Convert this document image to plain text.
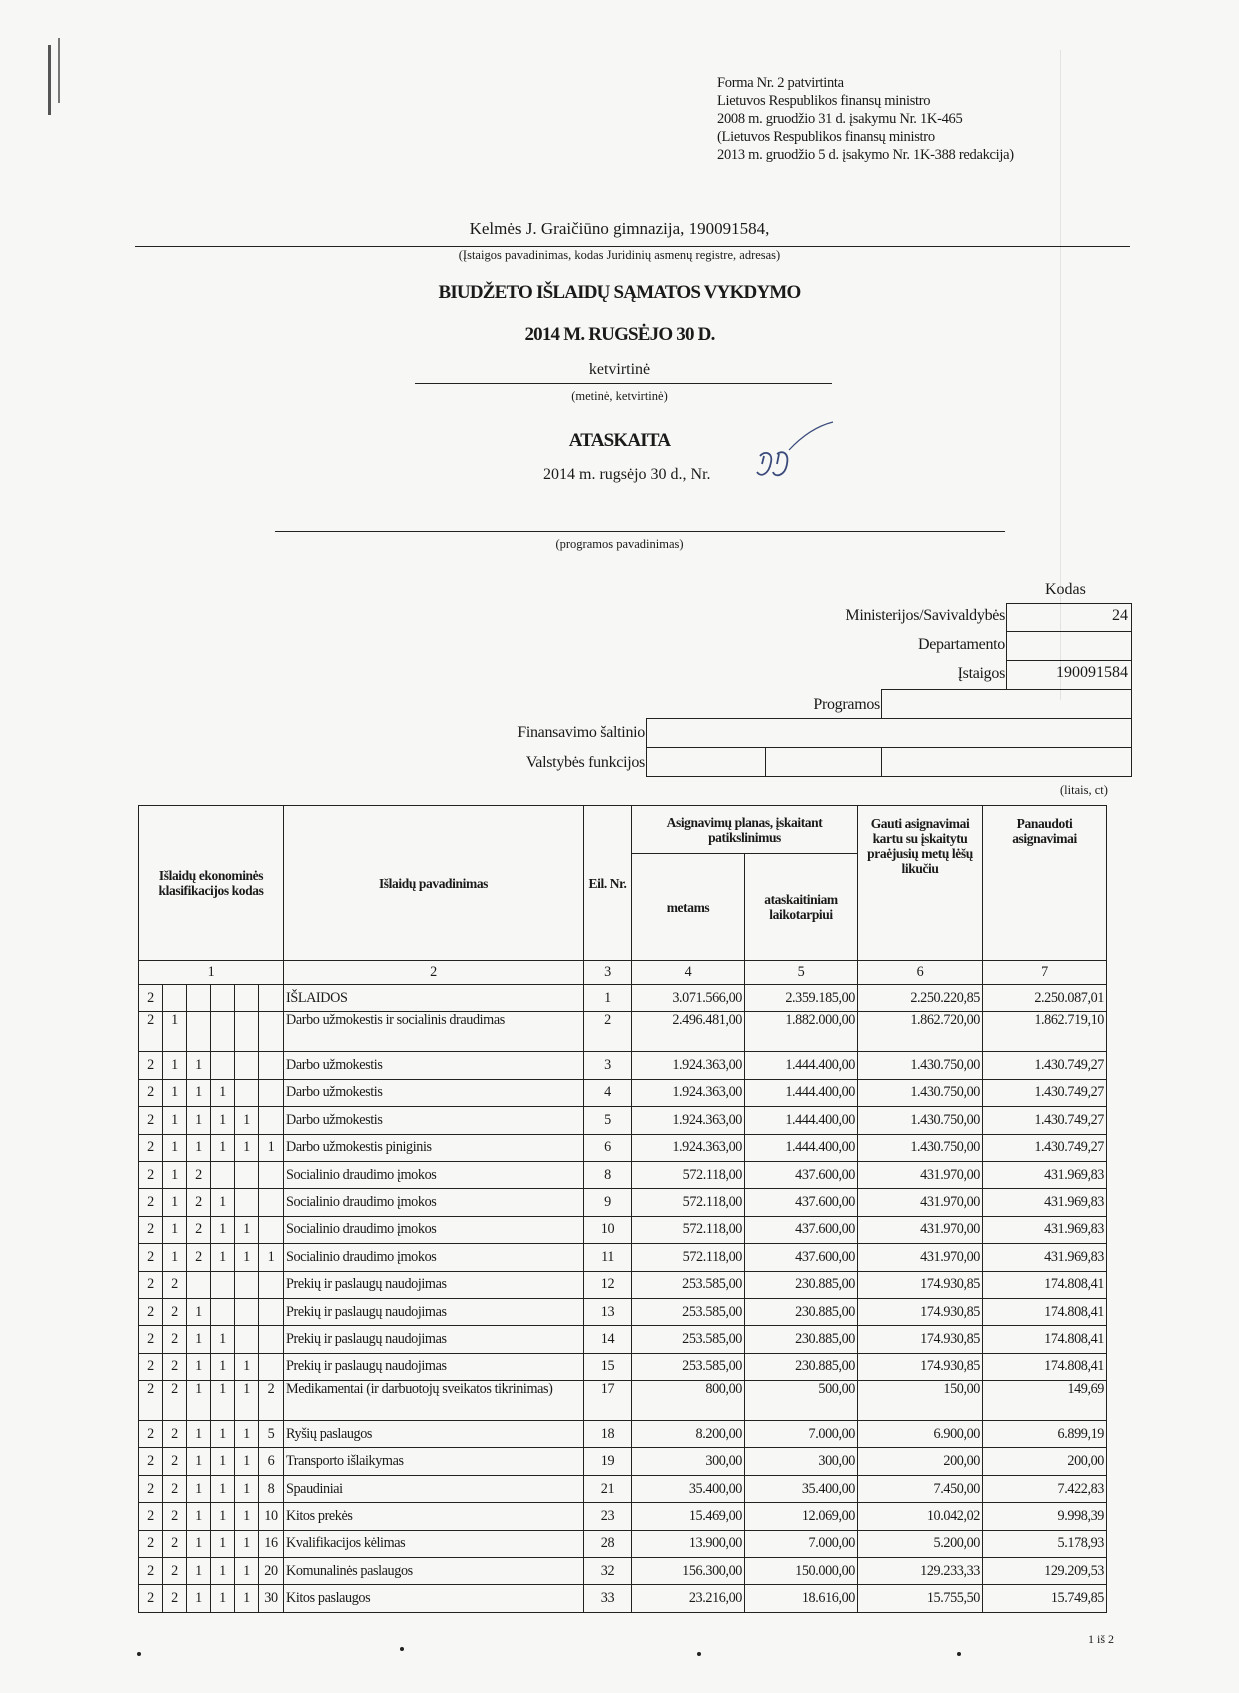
Forma Nr. 2 patvirtinta
Lietuvos Respublikos finansų ministro
2008 m. gruodžio 31 d. įsakymu Nr. 1K-465
(Lietuvos Respublikos finansų ministro
2013 m. gruodžio 5 d. įsakymo Nr. 1K-388 redakcija)
Kelmės J. Graičiūno gimnazija, 190091584,
(Įstaigos pavadinimas, kodas Juridinių asmenų registre, adresas)
BIUDŽETO IŠLAIDŲ SĄMATOS VYKDYMO
2014 M. RUGSĖJO 30 D.
ketvirtinė
(metinė, ketvirtinė)
ATASKAITA
2014 m. rugsėjo 30 d., Nr.
55
(programos pavadinimas)
Kodas
Ministerijos/Savivaldybės	24
Departamento
Įstaigos	190091584
Programos
Finansavimo šaltinio
Valstybės funkcijos
(litais, ct)
Išlaidų ekonominės klasifikacijos kodas						Išlaidų pavadinimas	Eil. Nr.	Asignavimų planas, įskaitant patikslinimus		Gauti asignavimai kartu su įskaitytu praėjusių metų lėšų likučiu	Panaudoti asignavimai
								metams	ataskaitiniam laikotarpiui		
1						2	3	4	5	6	7
2						IŠLAIDOS	1	3.071.566,00	2.359.185,00	2.250.220,85	2.250.087,01
2	1					Darbo užmokestis ir socialinis draudimas	2	2.496.481,00	1.882.000,00	1.862.720,00	1.862.719,10
2	1	1				Darbo užmokestis	3	1.924.363,00	1.444.400,00	1.430.750,00	1.430.749,27
2	1	1	1			Darbo užmokestis	4	1.924.363,00	1.444.400,00	1.430.750,00	1.430.749,27
2	1	1	1	1		Darbo užmokestis	5	1.924.363,00	1.444.400,00	1.430.750,00	1.430.749,27
2	1	1	1	1	1	Darbo užmokestis piniginis	6	1.924.363,00	1.444.400,00	1.430.750,00	1.430.749,27
2	1	2				Socialinio draudimo įmokos	8	572.118,00	437.600,00	431.970,00	431.969,83
2	1	2	1			Socialinio draudimo įmokos	9	572.118,00	437.600,00	431.970,00	431.969,83
2	1	2	1	1		Socialinio draudimo įmokos	10	572.118,00	437.600,00	431.970,00	431.969,83
2	1	2	1	1	1	Socialinio draudimo įmokos	11	572.118,00	437.600,00	431.970,00	431.969,83
2	2					Prekių ir paslaugų naudojimas	12	253.585,00	230.885,00	174.930,85	174.808,41
2	2	1				Prekių ir paslaugų naudojimas	13	253.585,00	230.885,00	174.930,85	174.808,41
2	2	1	1			Prekių ir paslaugų naudojimas	14	253.585,00	230.885,00	174.930,85	174.808,41
2	2	1	1	1		Prekių ir paslaugų naudojimas	15	253.585,00	230.885,00	174.930,85	174.808,41
2	2	1	1	1	2	Medikamentai (ir darbuotojų sveikatos tikrinimas)	17	800,00	500,00	150,00	149,69
2	2	1	1	1	5	Ryšių paslaugos	18	8.200,00	7.000,00	6.900,00	6.899,19
2	2	1	1	1	6	Transporto išlaikymas	19	300,00	300,00	200,00	200,00
2	2	1	1	1	8	Spaudiniai	21	35.400,00	35.400,00	7.450,00	7.422,83
2	2	1	1	1	10	Kitos prekės	23	15.469,00	12.069,00	10.042,02	9.998,39
2	2	1	1	1	16	Kvalifikacijos kėlimas	28	13.900,00	7.000,00	5.200,00	5.178,93
2	2	1	1	1	20	Komunalinės paslaugos	32	156.300,00	150.000,00	129.233,33	129.209,53
2	2	1	1	1	30	Kitos paslaugos	33	23.216,00	18.616,00	15.755,50	15.749,85
1 iš 2
